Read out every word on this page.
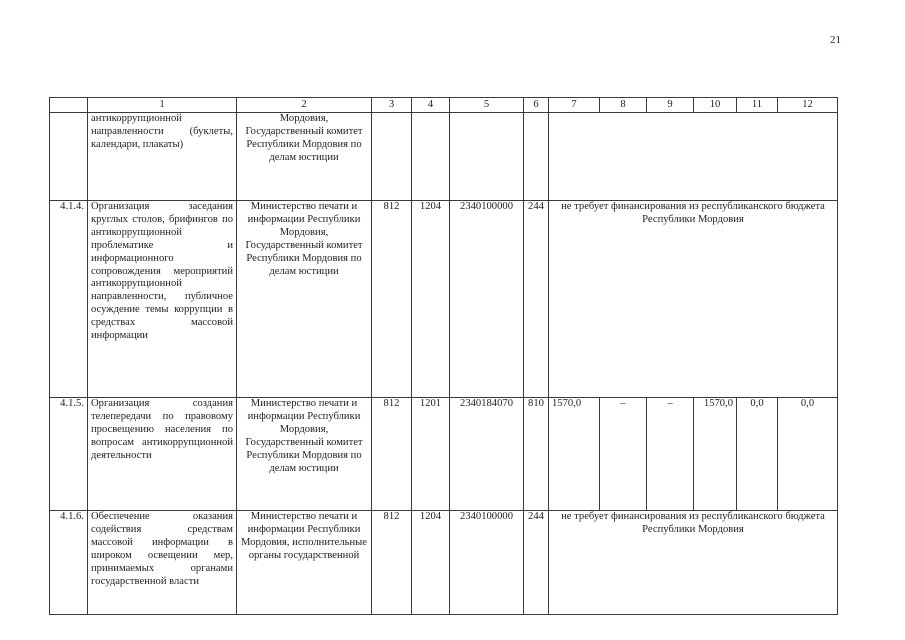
21
	1	2	3	4	5	6	7	8	9	10	11	12
	антикоррупционной направленности (буклеты, календари, плакаты)	Мордовия, Государственный комитет Республики Мордовия по делам юстиции										
4.1.4.	Организация заседания круглых столов, брифингов по антикоррупционной проблематике и информационного сопровождения мероприятий антикоррупционной направленности, публичное осуждение темы коррупции в средствах массовой информации	Министерство печати и информации Республики Мордовия, Государственный комитет Республики Мордовия по делам юстиции	812	1204	2340100000	244	не требует финансирования из республиканского бюджета Республики Мордовия					
4.1.5.	Организация создания телепередачи по правовому просвещению населения по вопросам антикоррупционной деятельности	Министерство печати и информации Республики Мордовия, Государственный комитет Республики Мордовия по делам юстиции	812	1201	2340184070	810	1570,0	–	–	1570,0	0,0	0,0
4.1.6.	Обеспечение оказания содействия средствам массовой информации в широком освещении мер, принимаемых органами государственной власти	Министерство печати и информации Республики Мордовия, исполнительные органы государственной	812	1204	2340100000	244	не требует финансирования из республиканского бюджета Республики Мордовия					
